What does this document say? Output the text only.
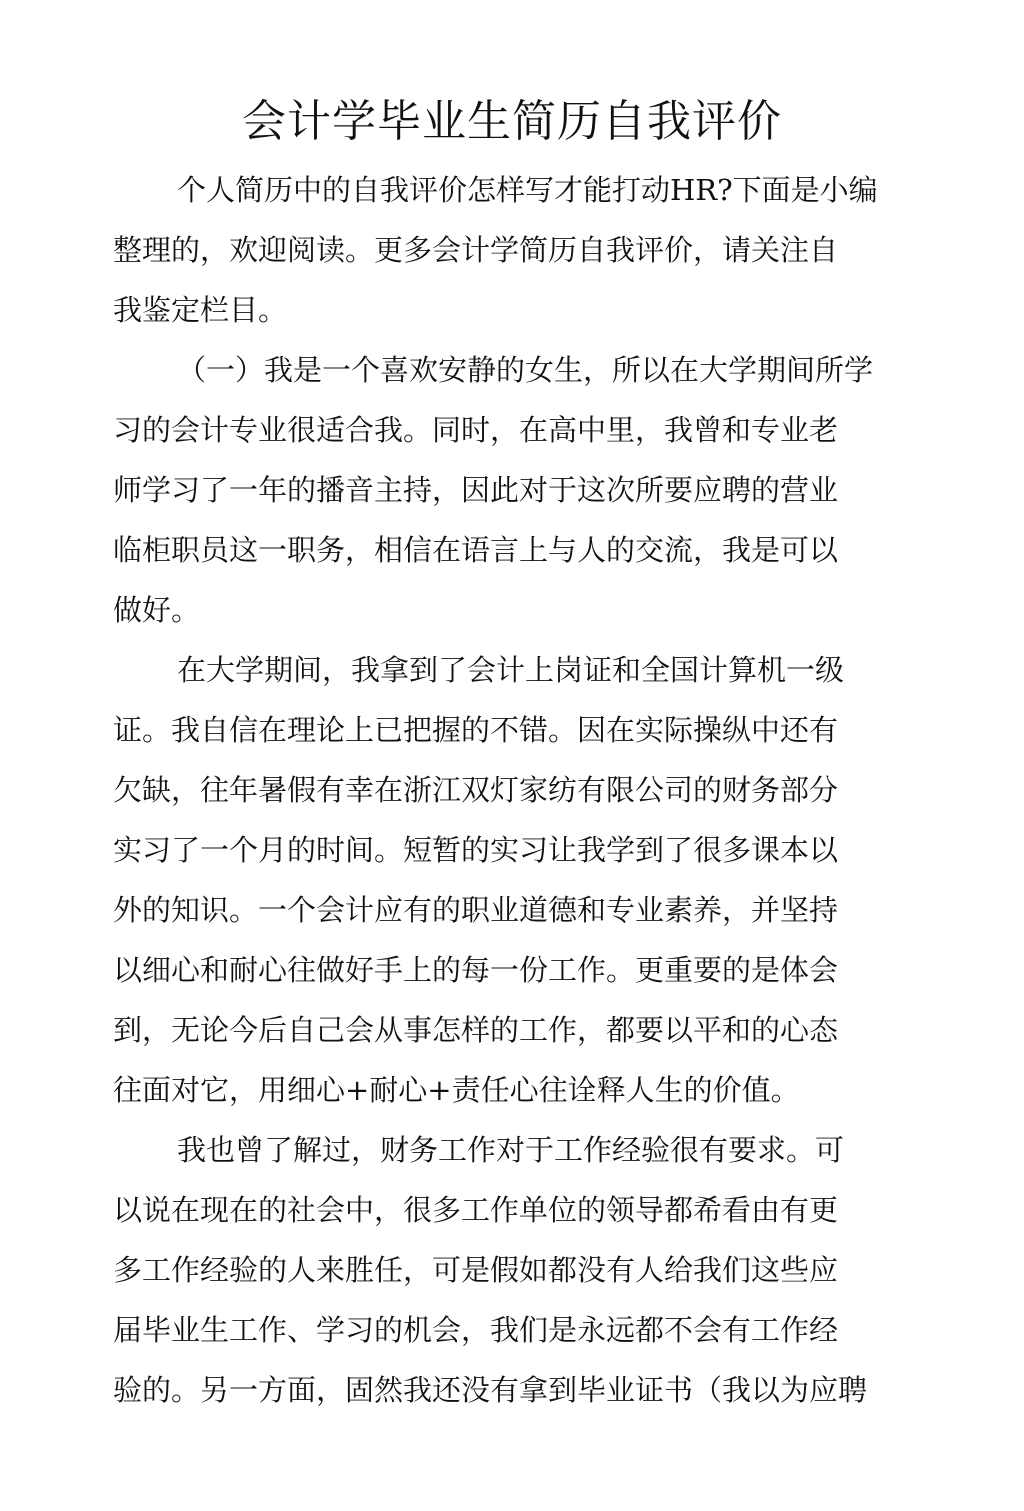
会计学毕业生简历自我评价

个人简历中的自我评价怎样写才能打动HR?下面是小编
整理的，欢迎阅读。更多会计学简历自我评价，请关注自
我鉴定栏目。

（一）我是一个喜欢安静的女生，所以在大学期间所学
习的会计专业很适合我。同时，在高中里，我曾和专业老
师学习了一年的播音主持，因此对于这次所要应聘的营业
临柜职员这一职务，相信在语言上与人的交流，我是可以
做好。

在大学期间，我拿到了会计上岗证和全国计算机一级
证。我自信在理论上已把握的不错。因在实际操纵中还有
欠缺，往年暑假有幸在浙江双灯家纺有限公司的财务部分
实习了一个月的时间。短暂的实习让我学到了很多课本以
外的知识。一个会计应有的职业道德和专业素养，并坚持
以细心和耐心往做好手上的每一份工作。更重要的是体会
到，无论今后自己会从事怎样的工作，都要以平和的心态
往面对它，用细心+耐心+责任心往诠释人生的价值。

我也曾了解过，财务工作对于工作经验很有要求。可
以说在现在的社会中，很多工作单位的领导都希看由有更
多工作经验的人来胜任，可是假如都没有人给我们这些应
届毕业生工作、学习的机会，我们是永远都不会有工作经
验的。另一方面，固然我还没有拿到毕业证书（我以为应聘
